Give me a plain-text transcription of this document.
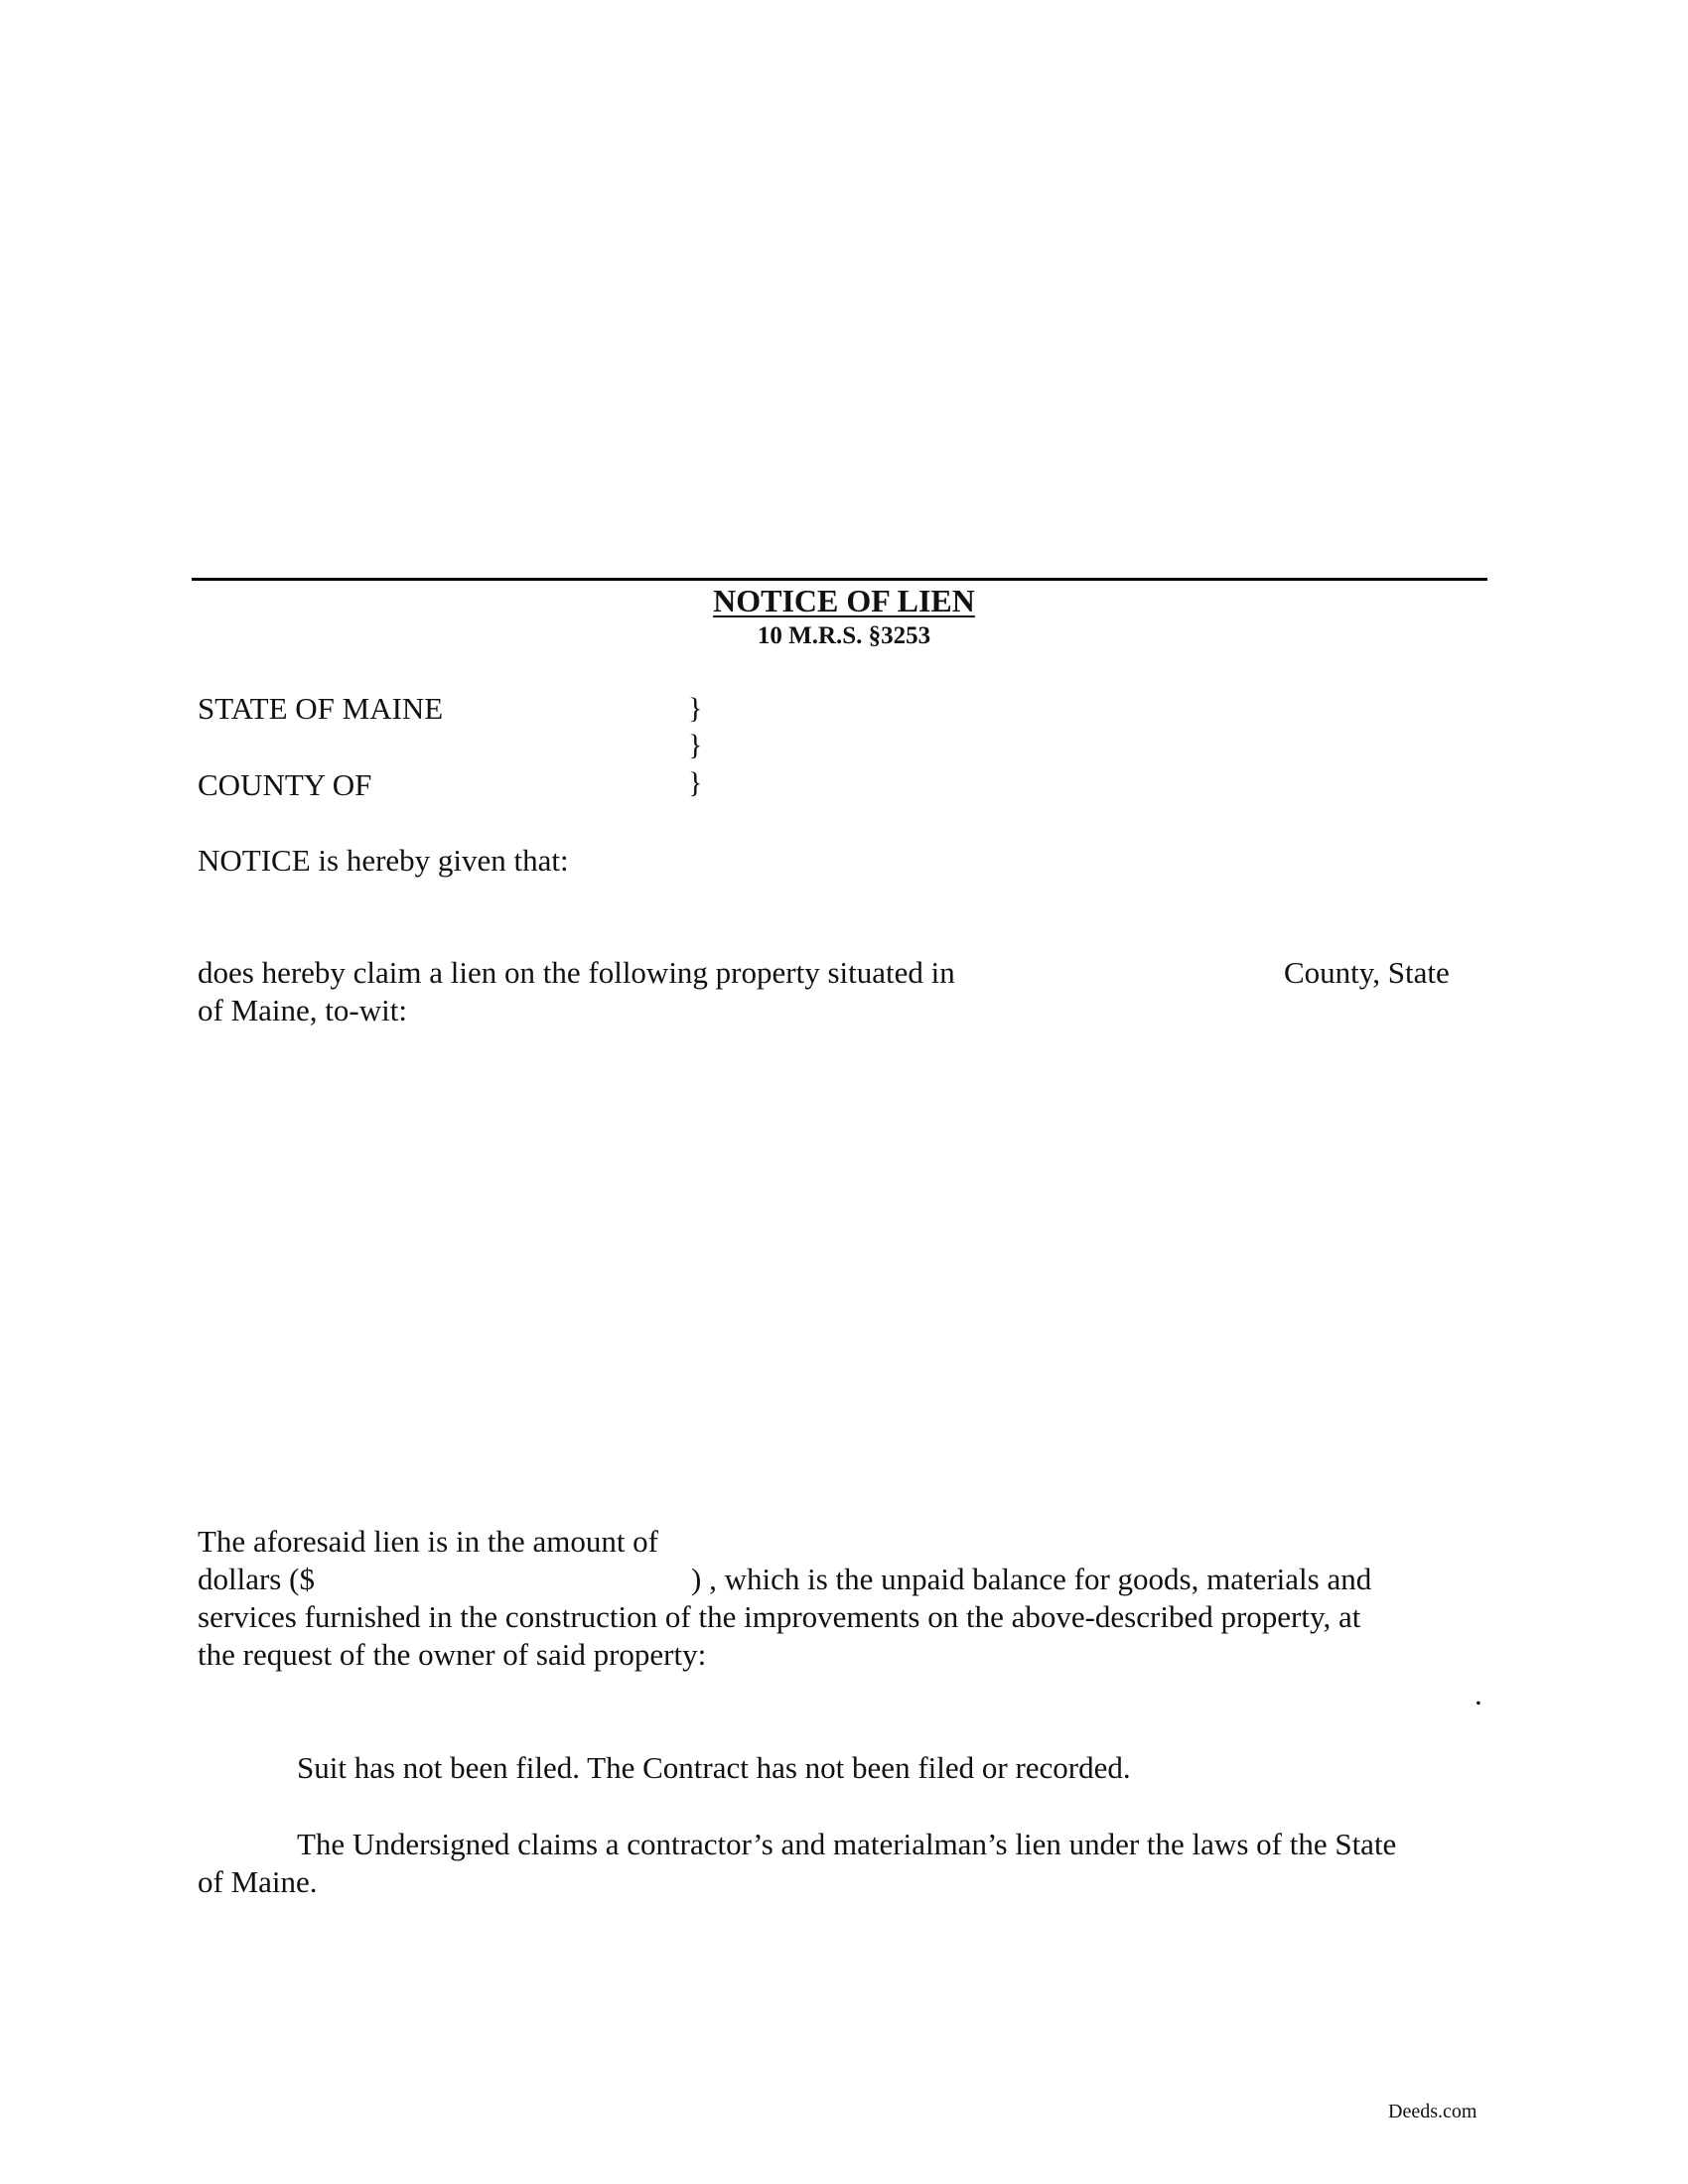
NOTICE OF LIEN
10 M.R.S. §3253
STATE OF MAINE	}
}
COUNTY OF	}
NOTICE is hereby given that:
does hereby claim a lien on the following property situated in	County, State
of Maine, to-wit:
The aforesaid lien is in the amount of
dollars ($	) , which is the unpaid balance for goods, materials and
services furnished in the construction of the improvements on the above-described property, at
the request of the owner of said property:
.
Suit has not been filed. The Contract has not been filed or recorded.
The Undersigned claims a contractor’s and materialman’s lien under the laws of the State
of Maine.
Deeds.com
